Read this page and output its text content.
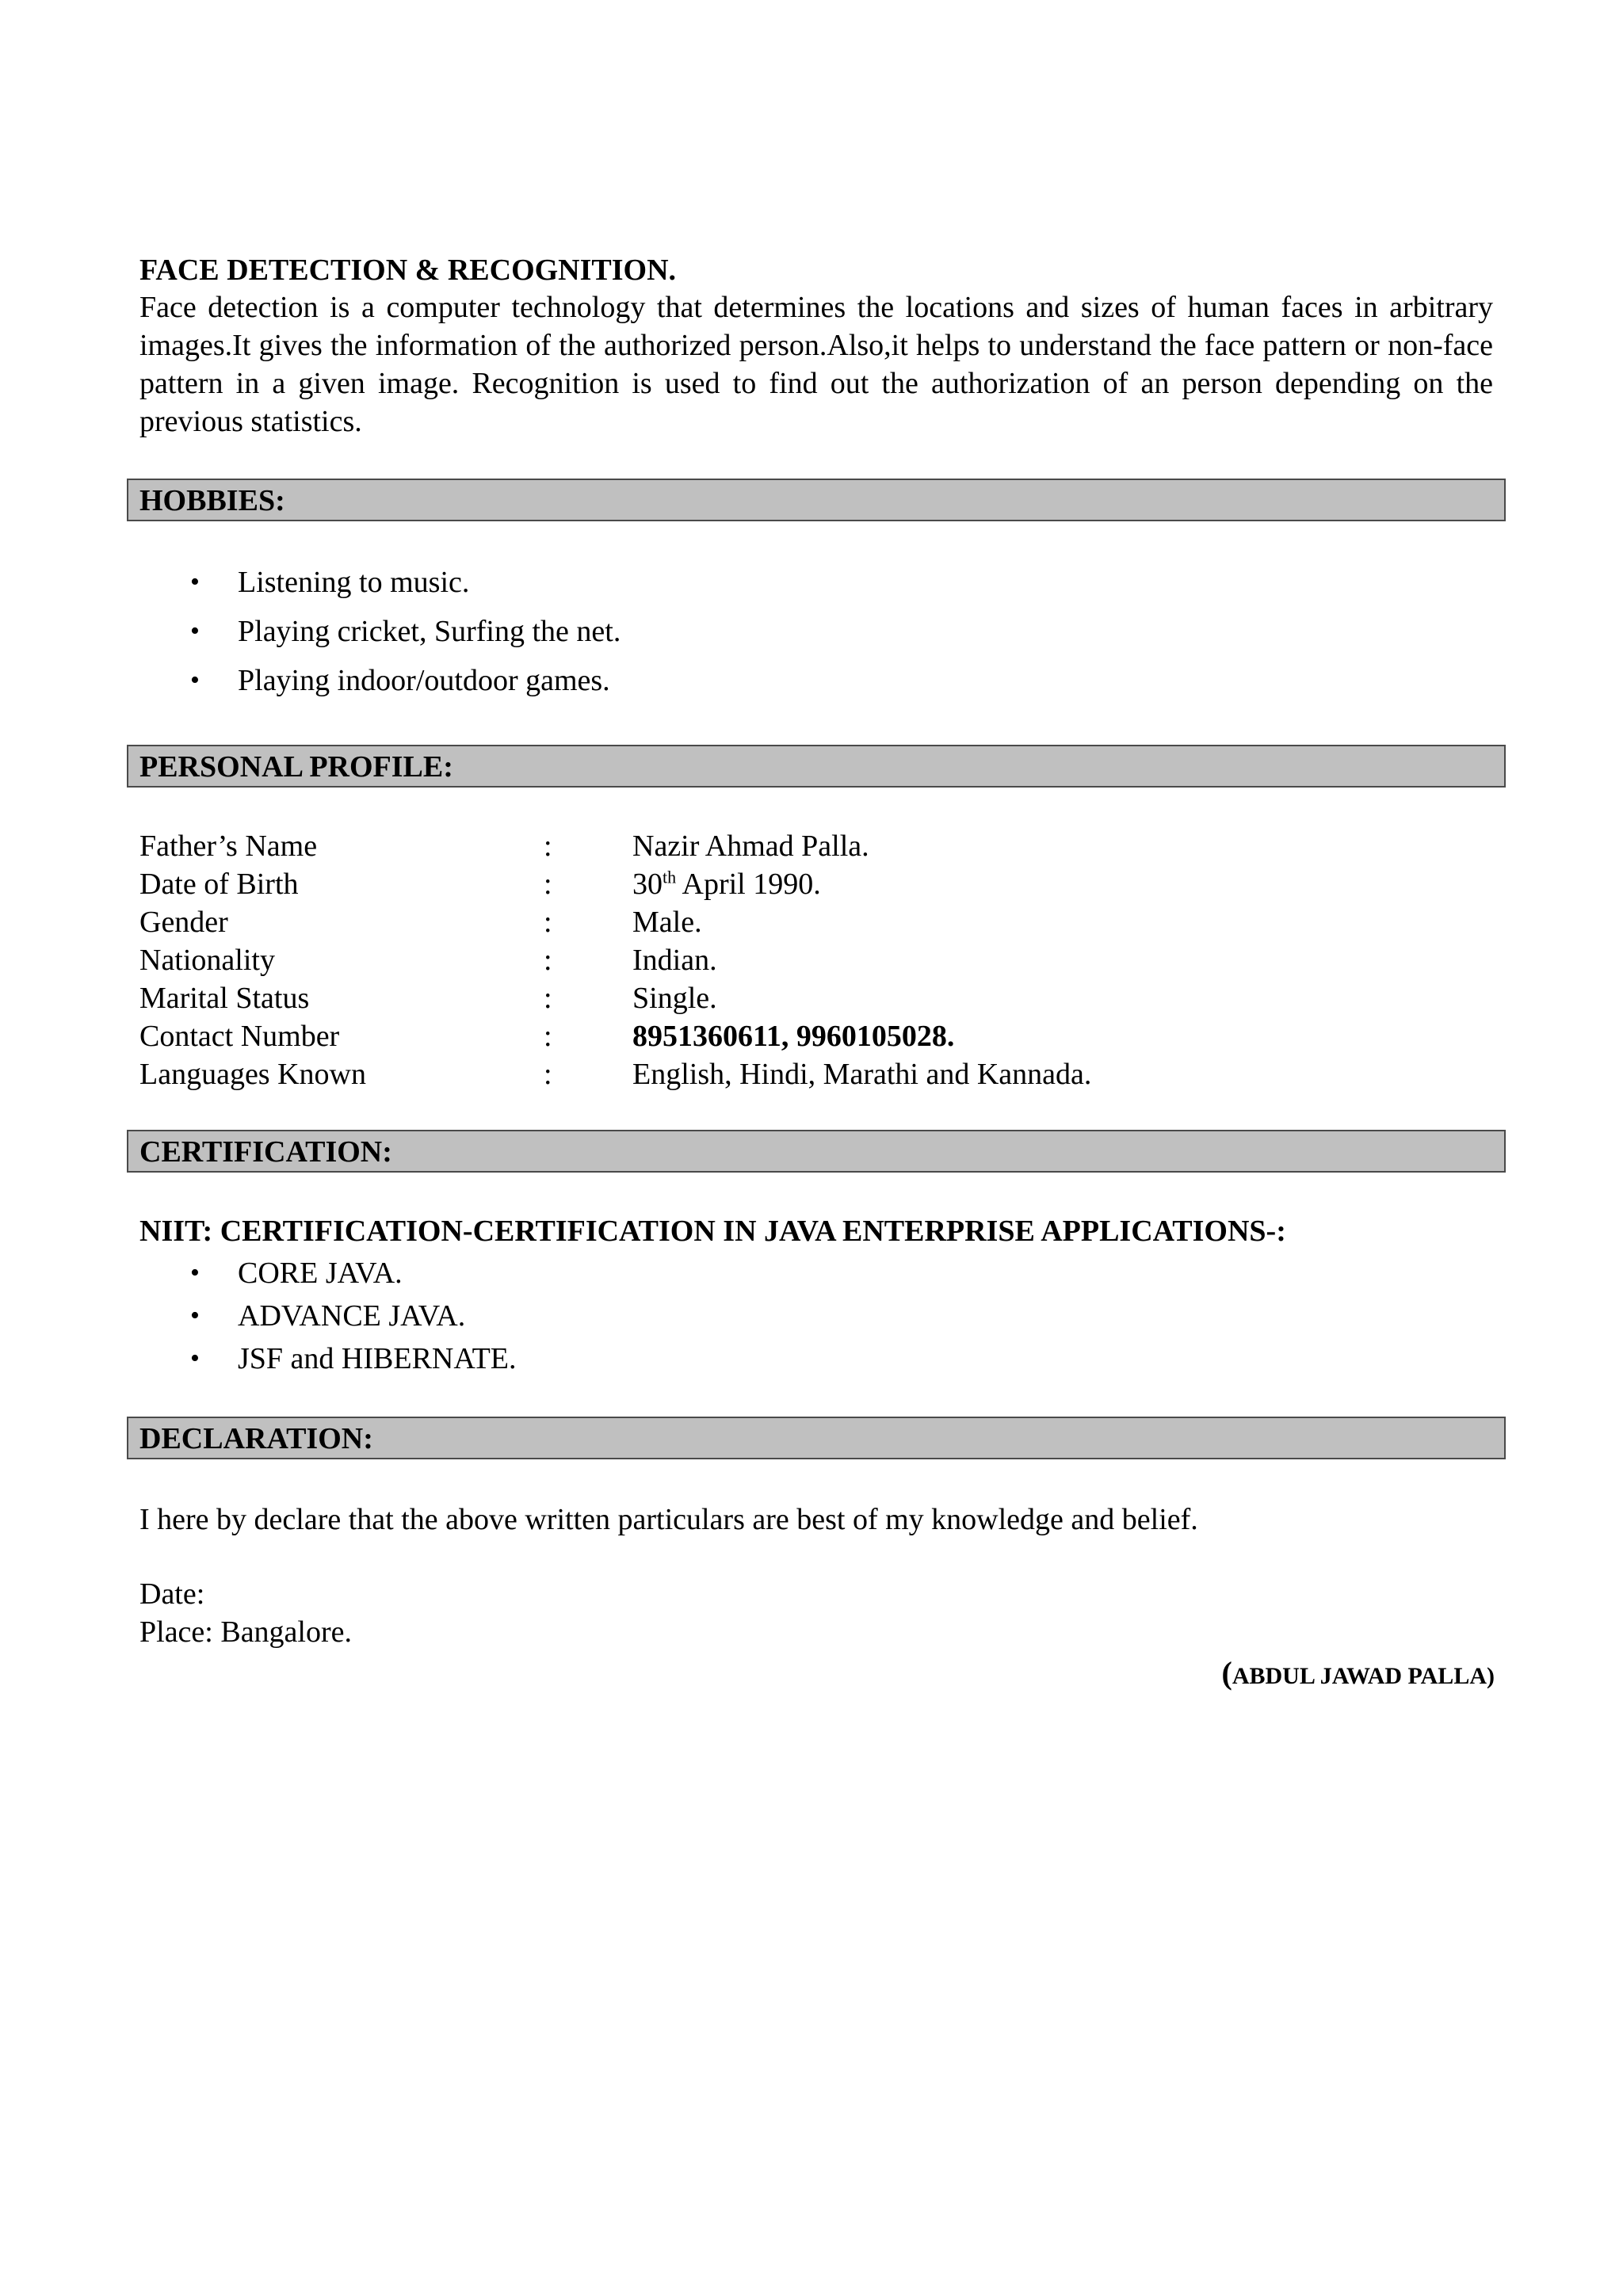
FACE DETECTION & RECOGNITION.

Face detection is a computer technology that determines the locations and sizes of human faces in arbitrary images.It gives the information of the authorized person.Also,it helps to understand the face pattern or non-face pattern in a given image. Recognition is used to find out the authorization of an person depending on the previous statistics.

HOBBIES:
• Listening to music.
• Playing cricket, Surfing the net.
• Playing indoor/outdoor games.
PERSONAL PROFILE:
Father’s Name	:	Nazir Ahmad Palla.
Date of Birth	:	30th April 1990.
Gender	:	Male.
Nationality	:	Indian.
Marital Status	:	Single.
Contact Number	:	8951360611, 9960105028.
Languages Known	:	English, Hindi, Marathi and Kannada.
CERTIFICATION:
NIIT: CERTIFICATION-CERTIFICATION IN JAVA ENTERPRISE APPLICATIONS-:
• CORE JAVA.
• ADVANCE JAVA.
• JSF and HIBERNATE.
DECLARATION:
I here by declare that the above written particulars are best of my knowledge and belief.
Date:
Place: Bangalore.
(ABDUL JAWAD PALLA)
